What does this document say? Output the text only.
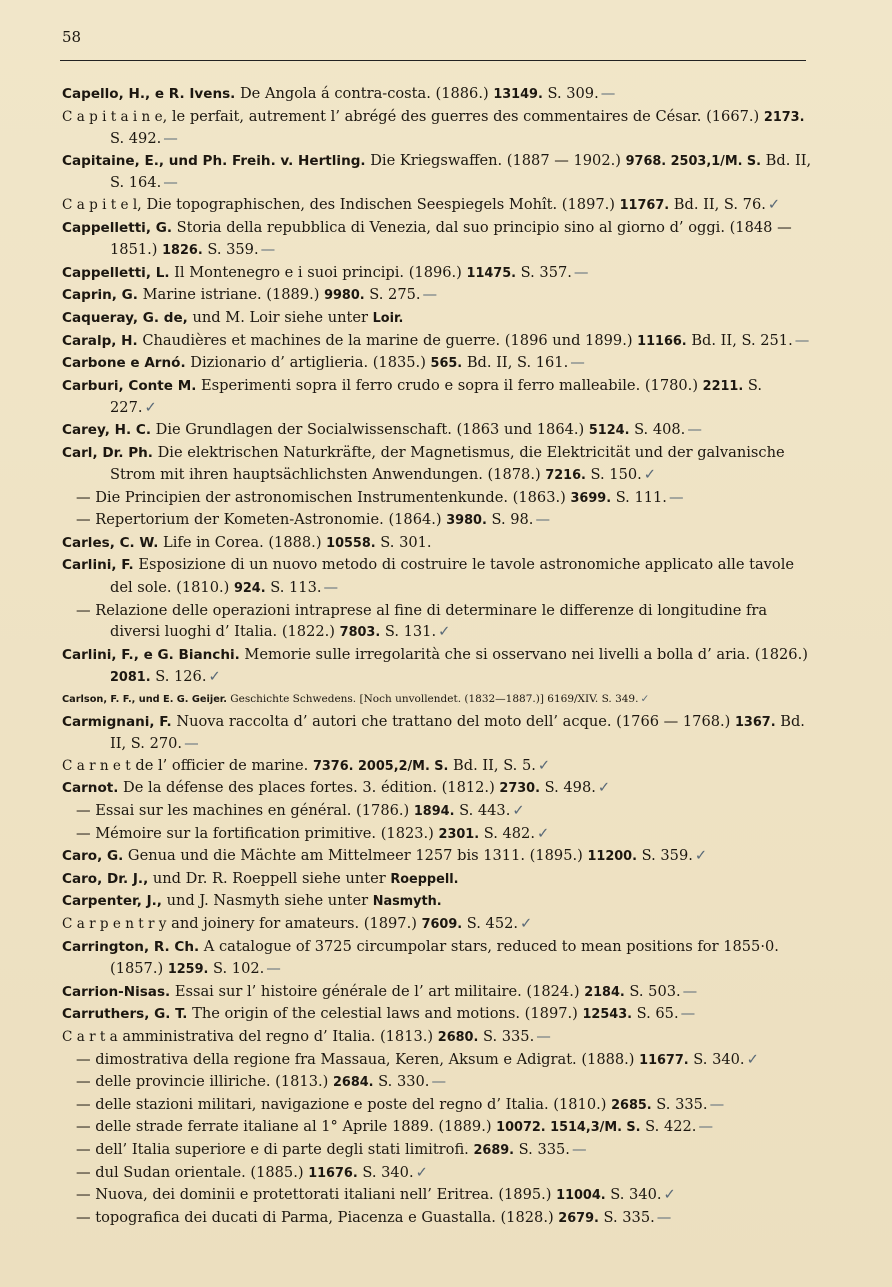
58
Capello, H., e R. Ivens. De Angola á contra-costa. (1886.) 13149. S. 309. —
C a p i t a i n e, le perfait, autrement l’ abrégé des guerres des commentaires de César. (1667.) 2173. S. 492. —
Capitaine, E., und Ph. Freih. v. Hertling. Die Kriegswaffen. (1887 — 1902.) 9768. 2503,1/M. S. Bd. II, S. 164. —
C a p i t e l, Die topographischen, des Indischen Seespiegels Mohît. (1897.) 11767. Bd. II, S. 76. ✓
Cappelletti, G. Storia della repubblica di Venezia, dal suo principio sino al giorno d’ oggi. (1848 — 1851.) 1826. S. 359. —
Cappelletti, L. Il Montenegro e i suoi principi. (1896.) 11475. S. 357. —
Caprin, G. Marine istriane. (1889.) 9980. S. 275. —
Caqueray, G. de, und M. Loir siehe unter Loir.
Caralp, H. Chaudières et machines de la marine de guerre. (1896 und 1899.) 11166. Bd. II, S. 251. —
Carbone e Arnó. Dizionario d’ artiglieria. (1835.) 565. Bd. II, S. 161. —
Carburi, Conte M. Esperimenti sopra il ferro crudo e sopra il ferro malleabile. (1780.) 2211. S. 227. ✓
Carey, H. C. Die Grundlagen der Socialwissenschaft. (1863 und 1864.) 5124. S. 408. —
Carl, Dr. Ph. Die elektrischen Naturkräfte, der Magnetismus, die Elektricität und der galvanische Strom mit ihren hauptsächlichsten Anwendungen. (1878.) 7216. S. 150. ✓
— Die Principien der astronomischen Instrumentenkunde. (1863.) 3699. S. 111. —
— Repertorium der Kometen-Astronomie. (1864.) 3980. S. 98. —
Carles, C. W. Life in Corea. (1888.) 10558. S. 301.
Carlini, F. Esposizione di un nuovo metodo di costruire le tavole astronomiche applicato alle tavole del sole. (1810.) 924. S. 113. —
— Relazione delle operazioni intraprese al fine di determinare le differenze di longitudine fra diversi luoghi d’ Italia. (1822.) 7803. S. 131. ✓
Carlini, F., e G. Bianchi. Memorie sulle irregolarità che si osservano nei livelli a bolla d’ aria. (1826.) 2081. S. 126. ✓
Carlson, F. F., und E. G. Geijer. Geschichte Schwedens. [Noch unvollendet. (1832—1887.)] 6169/XIV. S. 349. ✓
Carmignani, F. Nuova raccolta d’ autori che trattano del moto dell’ acque. (1766 — 1768.) 1367. Bd. II, S. 270. —
C a r n e t de l’ officier de marine. 7376. 2005,2/M. S. Bd. II, S. 5. ✓
Carnot. De la défense des places fortes. 3. édition. (1812.) 2730. S. 498. ✓
— Essai sur les machines en général. (1786.) 1894. S. 443. ✓
— Mémoire sur la fortification primitive. (1823.) 2301. S. 482. ✓
Caro, G. Genua und die Mächte am Mittelmeer 1257 bis 1311. (1895.) 11200. S. 359. ✓
Caro, Dr. J., und Dr. R. Roeppell siehe unter Roeppell.
Carpenter, J., und J. Nasmyth siehe unter Nasmyth.
C a r p e n t r y and joinery for amateurs. (1897.) 7609. S. 452. ✓
Carrington, R. Ch. A catalogue of 3725 circumpolar stars, reduced to mean positions for 1855·0. (1857.) 1259. S. 102. —
Carrion-Nisas. Essai sur l’ histoire générale de l’ art militaire. (1824.) 2184. S. 503. —
Carruthers, G. T. The origin of the celestial laws and motions. (1897.) 12543. S. 65. —
C a r t a amministrativa del regno d’ Italia. (1813.) 2680. S. 335. —
— dimostrativa della regione fra Massaua, Keren, Aksum e Adigrat. (1888.) 11677. S. 340. ✓
— delle provincie illiriche. (1813.) 2684. S. 330. —
— delle stazioni militari, navigazione e poste del regno d’ Italia. (1810.) 2685. S. 335. —
— delle strade ferrate italiane al 1° Aprile 1889. (1889.) 10072. 1514,3/M. S. S. 422. —
— dell’ Italia superiore e di parte degli stati limitrofi. 2689. S. 335. —
— dul Sudan orientale. (1885.) 11676. S. 340. ✓
— Nuova, dei dominii e protettorati italiani nell’ Eritrea. (1895.) 11004. S. 340. ✓
— topografica dei ducati di Parma, Piacenza e Guastalla. (1828.) 2679. S. 335. —
